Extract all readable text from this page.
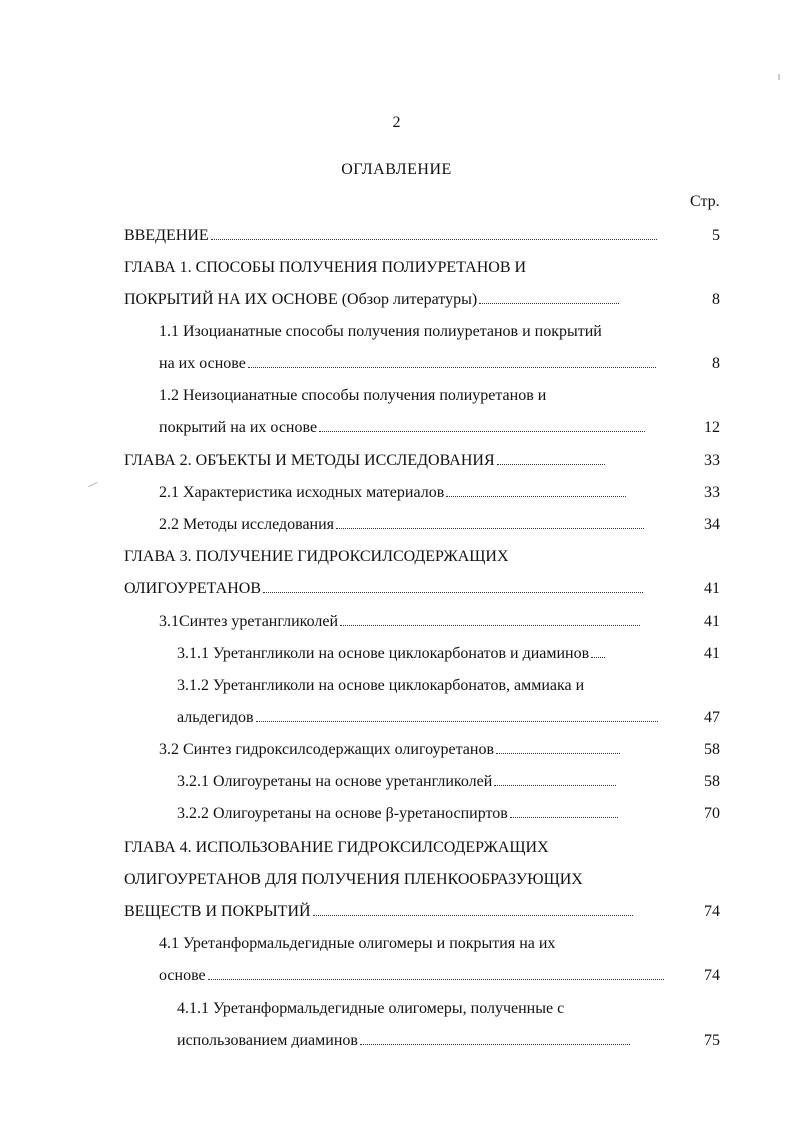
2
ОГЛАВЛЕНИЕ
Стр.
ВВЕДЕНИЕ	5
ГЛАВА 1. СПОСОБЫ ПОЛУЧЕНИЯ ПОЛИУРЕТАНОВ И
ПОКРЫТИЙ НА ИХ ОСНОВЕ (Обзор литературы)	8
1.1 Изоцианатные способы получения полиуретанов и покрытий
на их основе	8
1.2 Неизоцианатные способы получения полиуретанов и
покрытий на их основе	12
ГЛАВА 2. ОБЪЕКТЫ И МЕТОДЫ ИССЛЕДОВАНИЯ	33
2.1 Характеристика исходных материалов	33
2.2 Методы исследования	34
ГЛАВА 3. ПОЛУЧЕНИЕ ГИДРОКСИЛСОДЕРЖАЩИХ
ОЛИГОУРЕТАНОВ	41
3.1Синтез уретангликолей	41
3.1.1 Уретангликоли на основе циклокарбонатов и диаминов	41
3.1.2 Уретангликоли на основе циклокарбонатов, аммиака и
альдегидов	47
3.2 Синтез гидроксилсодержащих олигоуретанов	58
3.2.1 Олигоуретаны на основе уретангликолей	58
3.2.2 Олигоуретаны на основе β-уретаноспиртов	70
ГЛАВА 4. ИСПОЛЬЗОВАНИЕ ГИДРОКСИЛСОДЕРЖАЩИХ
ОЛИГОУРЕТАНОВ ДЛЯ ПОЛУЧЕНИЯ ПЛЕНКООБРАЗУЮЩИХ
ВЕЩЕСТВ И ПОКРЫТИЙ	74
4.1 Уретанформальдегидные олигомеры и покрытия на их
основе	74
4.1.1 Уретанформальдегидные олигомеры, полученные с
использованием диаминов	75
